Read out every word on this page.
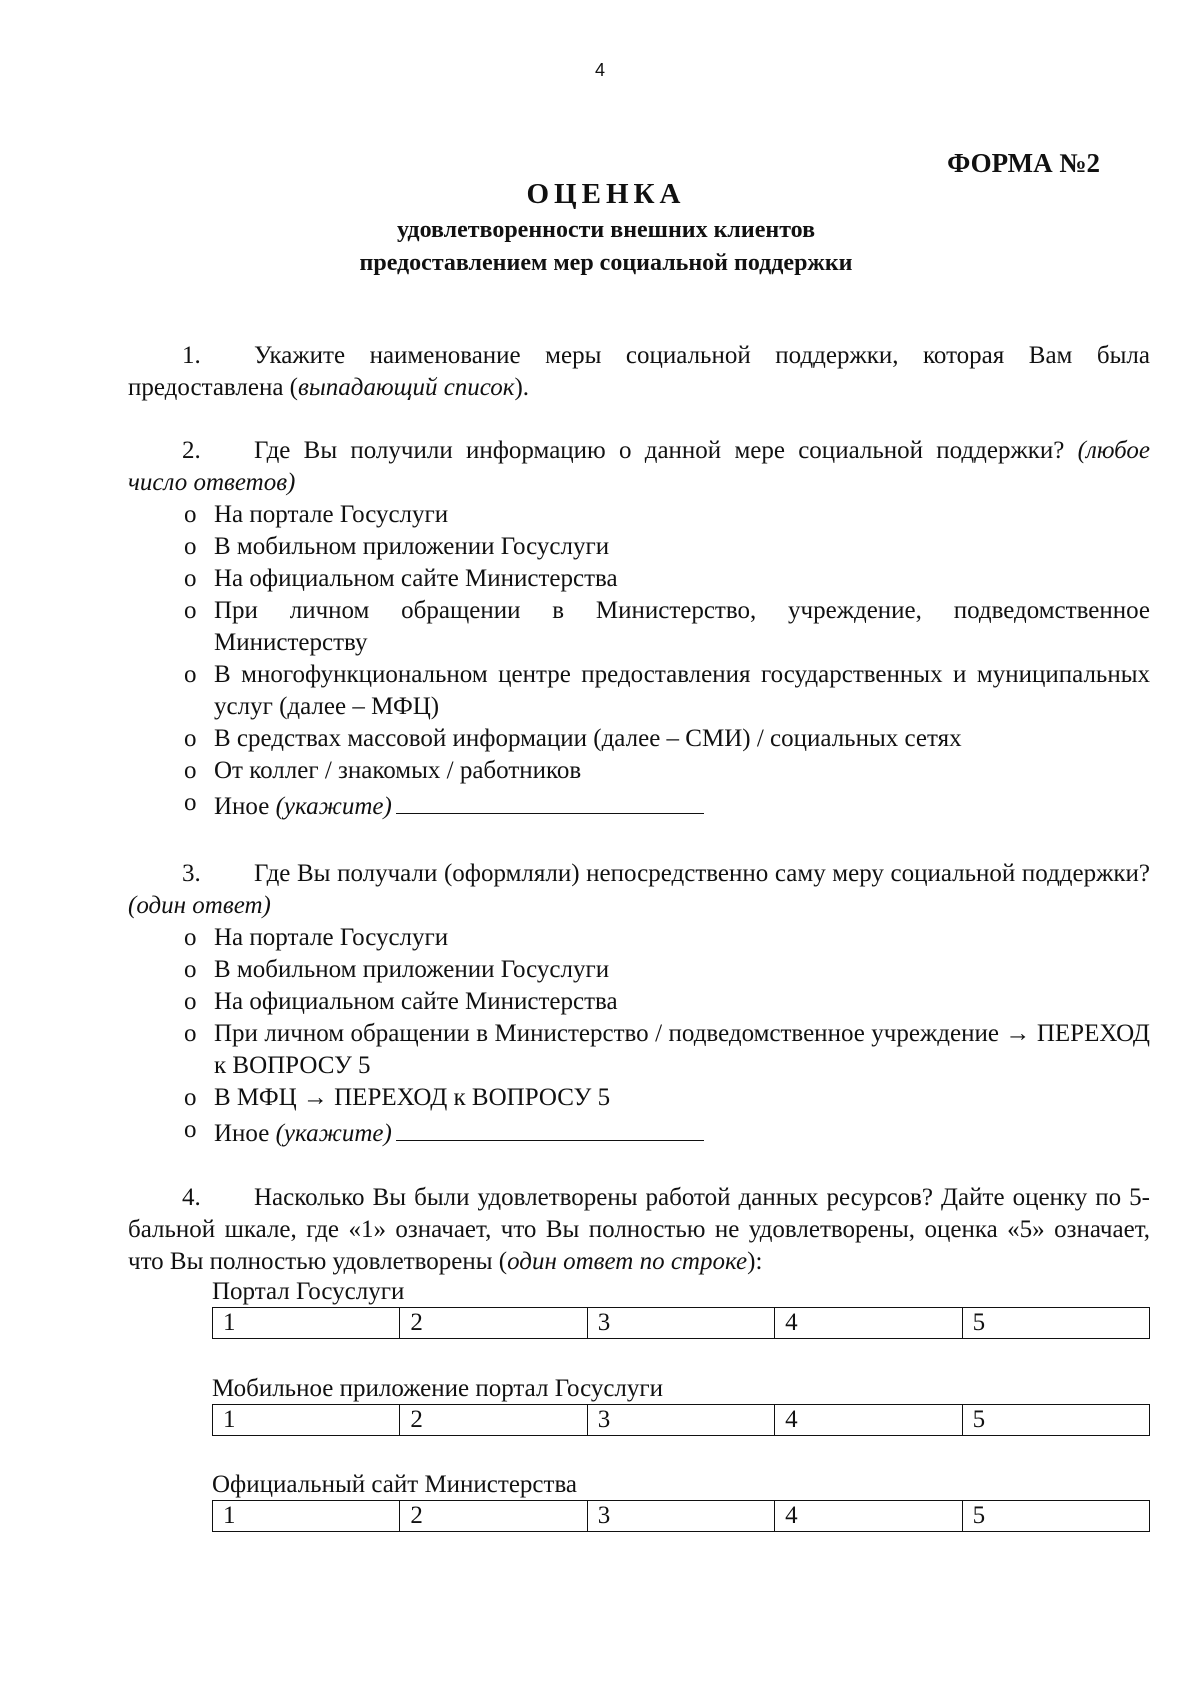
4
ФОРМА №2
ОЦЕНКА
удовлетворенности внешних клиентов
предоставлением мер социальной поддержки
1. Укажите наименование меры социальной поддержки, которая Вам была предоставлена (выпадающий список).
2. Где Вы получили информацию о данной мере социальной поддержки? (любое число ответов)
o На портале Госуслуги
o В мобильном приложении Госуслуги
o На официальном сайте Министерства
o При личном обращении в Министерство, учреждение, подведомственное Министерству
o В многофункциональном центре предоставления государственных и муниципальных услуг (далее – МФЦ)
o В средствах массовой информации (далее – СМИ) / социальных сетях
o От коллег / знакомых / работников
o Иное (укажите)
3. Где Вы получали (оформляли) непосредственно саму меру социальной поддержки? (один ответ)
o На портале Госуслуги
o В мобильном приложении Госуслуги
o На официальном сайте Министерства
o При личном обращении в Министерство / подведомственное учреждение → ПЕРЕХОД к ВОПРОСУ 5
o В МФЦ → ПЕРЕХОД к ВОПРОСУ 5
o Иное (укажите)
4. Насколько Вы были удовлетворены работой данных ресурсов? Дайте оценку по 5-бальной шкале, где «1» означает, что Вы полностью не удовлетворены, оценка «5» означает, что Вы полностью удовлетворены (один ответ по строке):
Портал Госуслуги
1	2	3	4	5
Мобильное приложение портал Госуслуги
1	2	3	4	5
Официальный сайт Министерства
1	2	3	4	5
